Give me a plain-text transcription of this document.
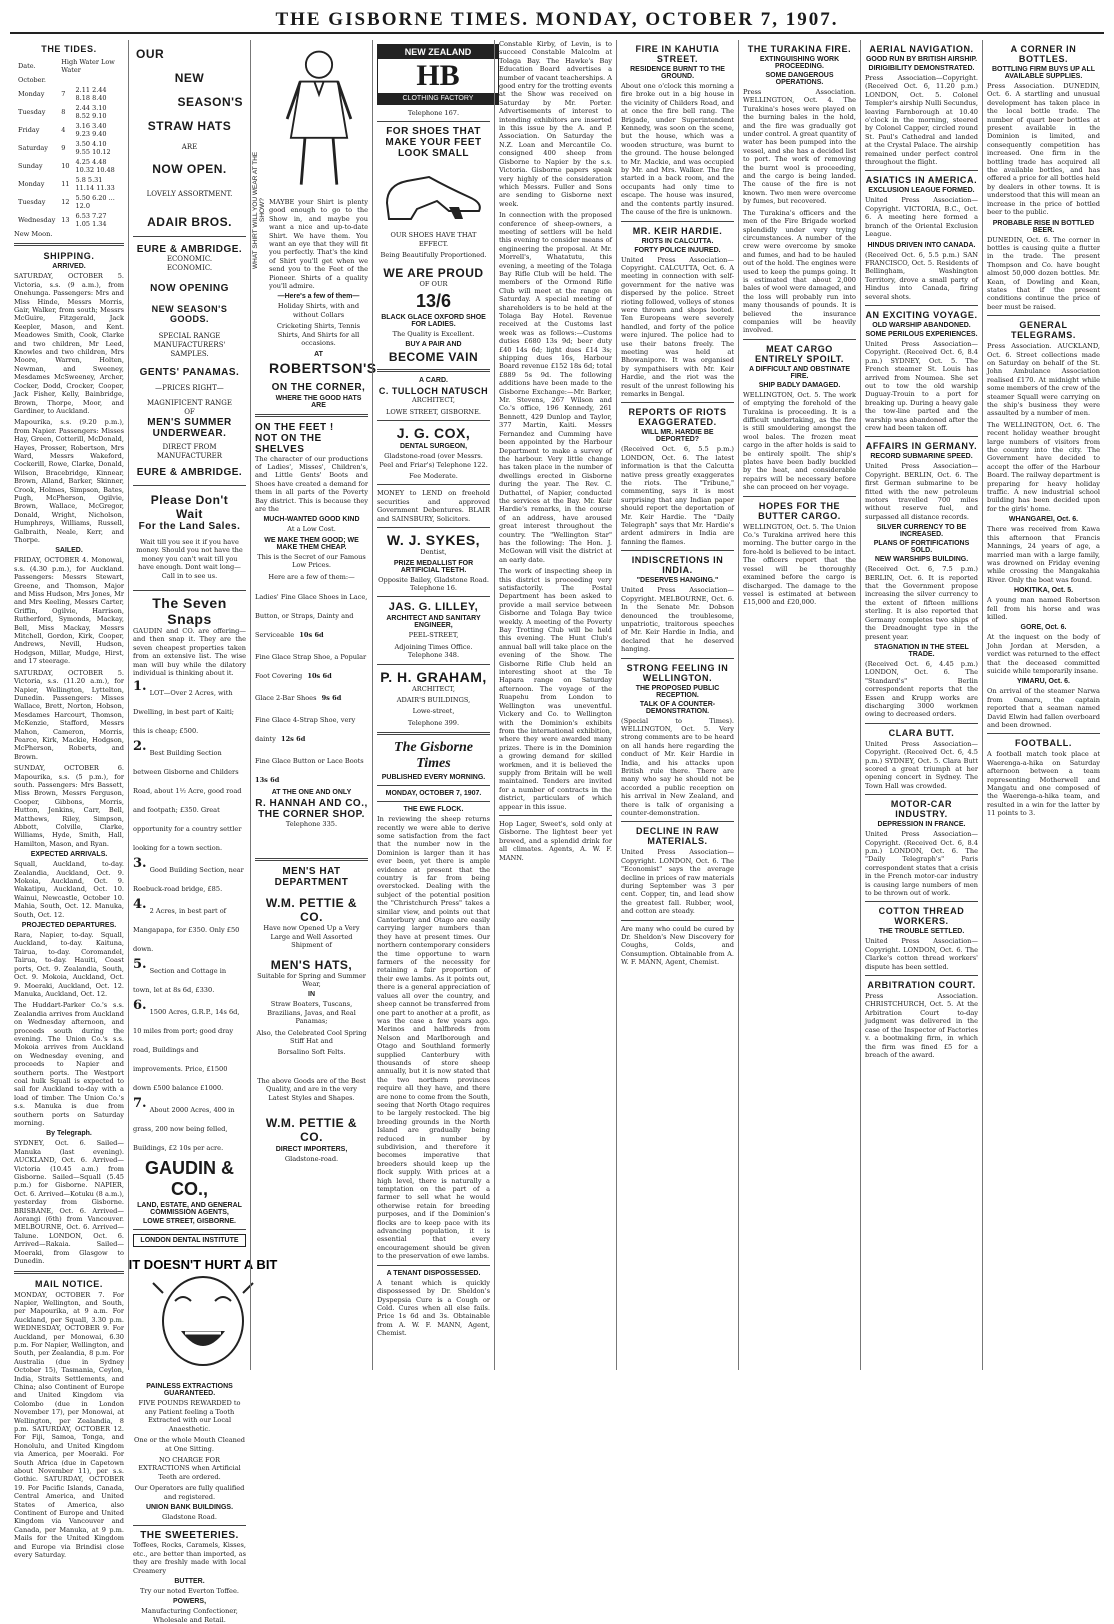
THE GISBORNE TIMES. MONDAY, OCTOBER 7, 1907.
THE TIDES.
Date.	High Water Low Water	
October.		
Monday	7	2.11 2.44 8.18 8.40
Tuesday	8	2.44 3.10 8.52 9.10
Friday	4	3.16 3.40 9.23 9.40
Saturday	9	3.50 4.10 9.55 10.12
Sunday	10	4.25 4.48 10.32 10.48
Monday	11	5.8 5.31 11.14 11.33
Tuesday	12	5.50 6.20 ... 12.0
Wednesday	13	6.53 7.27 1.05 1.34

New Moon.

SHIPPING.
ARRIVED.

SATURDAY, OCTOBER 5. Victoria, s.s. (9 a.m.), from Onehunga. Passengers: Mrs and Miss Hinde, Messrs Morris, Gair, Walker, from south; Messrs McGuire, Fitzgerald, Jack Keepler, Mason, and Kent. Meadowes Smith, Cook, Clarke and two children, Mr Leed, Knowles and two children, Mrs Moore, Warren, Holten, Newman, and Sweeney, Mesdames McSweeney, Archer, Cocker, Dodd, Crocker, Cooper, Jack Fisher, Kelly, Bainbridge, Brown, Thorpe, Moor, and Gardiner, to Auckland.

Mapourika, s.s. (9.20 p.m.), from Napier. Passengers: Misses Hay, Green, Cotterill, McDonald, Hayes, Prosser, Robertson, Mrs Ward, Messrs Wakeford, Cockerill, Rowe, Clarke, Donald, Wilson, Bracebridge, Kinnear, Brown, Alland, Barker, Skinner, Crook, Holmes, Simpson, Bates, Pugh, McPherson, Ogilvie, Brown, Wallace, McGregor, Donald, Wright, Nicholson, Humphreys, Williams, Russell, Galbraith, Neale, Kerr, and Thorpe.

SAILED.

FRIDAY, OCTOBER 4. Monowai, s.s. (4.30 p.m.), for Auckland. Passengers: Messrs Stewart, Greene, and Thomson, Major and Miss Hudson, Mrs Jones, Mr and Mrs Keeling, Messrs Carter, Griffin, Ogilvie, Harrison, Rutherford, Symonds, Mackay, Bell, Miss Mackay, Messrs Mitchell, Gordon, Kirk, Cooper, Andrews, Nevill, Hudson, Hodgson, Millar, Mudge, Hirst, and 17 steerage.

SATURDAY, OCTOBER 5. Victoria, s.s. (11.20 a.m.), for Napier, Wellington, Lyttelton, Dunedin. Passengers: Misses Wallace, Brett, Norton, Hobson, Mesdames Harcourt, Thomson, McKenzie, Stafford, Messrs Mahon, Cameron, Morris, Pearce, Kirk, Mackie, Hodgson, McPherson, Roberts, and Brown.

SUNDAY, OCTOBER 6. Mapourika, s.s. (5 p.m.), for south. Passengers: Mrs Bassett, Miss Brown, Messrs Ferguson, Cooper, Gibbons, Morris, Hutton, Jenkins, Carr, Bell, Matthews, Riley, Simpson, Abbott, Colville, Clarke, Williams, Hyde, Smith, Hall, Hamilton, Mason, and Ryan.

EXPECTED ARRIVALS.

Squall, Auckland, to-day. Zealandia, Auckland, Oct. 9. Mokoia, Auckland, Oct. 9. Wakatipu, Auckland, Oct. 10. Wainui, Newcastle, October 10. Mahia, South, Oct. 12. Manuka, South, Oct. 12.

PROJECTED DEPARTURES.

Rara, Napier, to-day. Squall, Auckland, to-day. Kaituna, Tairua, to-day. Coromandel, Tairua, to-day. Hauiti, Coast ports, Oct. 9. Zealandia, South, Oct. 9. Mokoia, Auckland, Oct. 9. Moeraki, Auckland, Oct. 12. Manuka, Auckland, Oct. 12.

The Huddart-Parker Co.'s s.s. Zealandia arrives from Auckland on Wednesday afternoon, and proceeds south during the evening. The Union Co.'s s.s. Mokoia arrives from Auckland on Wednesday evening, and proceeds to Napier and southern ports. The Westport coal hulk Squall is expected to sail for Auckland to-day with a load of timber. The Union Co.'s s.s. Manuka is due from southern ports on Saturday morning.

By Telegraph.

SYDNEY, Oct. 6. Sailed—Manuka (last evening). AUCKLAND, Oct. 6. Arrived—Victoria (10.45 a.m.) from Gisborne. Sailed—Squall (5.45 p.m.) for Gisborne. NAPIER, Oct. 6. Arrived—Kotuku (8 a.m.), yesterday from Gisborne. BRISBANE, Oct. 6. Arrived—Aorangi (6th) from Vancouver. MELBOURNE, Oct. 6. Arrived—Talune. LONDON, Oct. 6. Arrived—Rakaia. Sailed—Moeraki, from Glasgow to Dunedin.

MAIL NOTICE.

MONDAY, OCTOBER 7. For Napier, Wellington, and South, per Mapourika, at 9 a.m. For Auckland, per Squall, 3.30 p.m. WEDNESDAY, OCTOBER 9. For Auckland, per Monowai, 6.30 p.m. For Napier, Wellington, and South, per Zealandia, 8 p.m. For Australia (due in Sydney October 15), Tasmania, Ceylon, India, Straits Settlements, and China; also Continent of Europe and United Kingdom via Colombo (due in London November 17), per Monowai, at Wellington, per Zealandia, 8 p.m. SATURDAY, OCTOBER 12. For Fiji, Samoa, Tonga, and Honolulu, and United Kingdom via America, per Moeraki. For South Africa (due in Capetown about November 11), per s.s. Gothic. SATURDAY, OCTOBER 19. For Pacific Islands, Canada, Central America, and United States of America, also Continent of Europe and United Kingdom via Vancouver and Canada, per Manuka, at 9 p.m. Mails for the United Kingdom and Europe via Brindisi close every Saturday.

OUR
NEW
SEASON'S
STRAW HATS
ARE
NOW OPEN.
LOVELY ASSORTMENT.
ADAIR BROS.
EURE & AMBRIDGE.
ECONOMIC.
ECONOMIC.
NOW OPENING
NEW SEASON'S GOODS.
SPECIAL RANGE
MANUFACTURERS' SAMPLES.
GENTS' PANAMAS.
—PRICES RIGHT—
MAGNIFICENT RANGE
OF
MEN'S SUMMER
UNDERWEAR.
DIRECT FROM MANUFACTURER
EURE & AMBRIDGE.
Please Don't Wait
For the Land Sales.

Wait till you see it if you have money. Should you not have the money you can't wait till you have enough. Dont wait long—Call in to see us.

The Seven Snaps

GAUDIN and CO. are offering—and then snap it. They are the seven cheapest properties taken from an extensive list. The wise man will buy while the dilatory individual is thinking about it.

1. LOT—Over 2 Acres, with Dwelling, in best part of Kaiti; this is cheap; £500.
2. Best Building Section between Gisborne and Childers Road, about 1½ Acre, good road and footpath; £350. Great opportunity for a country settler looking for a town section.
3. Good Building Section, near Roebuck-road bridge, £85.
4. 2 Acres, in best part of Mangapapa, for £350. Only £50 down.
5. Section and Cottage in town, let at 8s 6d, £330.
6. 1500 Acres, G.R.P., 14s 6d, 10 miles from port; good dray road, Buildings and improvements. Price, £1500 down £500 balance £1000.
7. About 2000 Acres, 400 in grass, 200 now being felled, Buildings, £2 10s per acre.
GAUDIN & CO.,
LAND, ESTATE, AND GENERAL COMMISSION AGENTS,
LOWE STREET, GISBORNE.
LONDON DENTAL INSTITUTE
IT DOESN'T HURT A BIT
PAINLESS EXTRACTIONS GUARANTEED.

FIVE POUNDS REWARDED to any Patient feeling a Tooth Extracted with our Local Anaesthetic.

One or the whole Mouth Cleaned at One Sitting.

NO CHARGE FOR EXTRACTIONS when Artificial Teeth are ordered.

Our Operators are fully qualified and registered.

UNION BANK BUILDINGS.
Gladstone Road.
THE SWEETERIES.

Toffees, Rocks, Caramels, Kisses, etc., are better than imported, as they are freshly made with local Creamery

BUTTER.

Try our noted Everton Toffee.

POWERS,

Manufacturing Confectioner, Wholesale and Retail.

WHAT SHIRT WILL YOU WEAR AT THE SHOW? MAYBE your Shirt is plenty good enough to go to the Show in, and maybe you want a nice and up-to-date Shirt. We have them. You want an eye that they will fit you perfectly. That's the kind of Shirt you'll get when we send you to the Feet of the Pioneer. Shirts of a quality you'll admire.

—Here's a few of them—

Holiday Shirts, with and without Collars

Cricketing Shirts, Tennis Shirts, And Shirts for all occasions.

AT
ROBERTSON'S
ON THE CORNER,
WHERE THE GOOD HATS ARE
ON THE FEET !
NOT ON THE SHELVES

The character of our productions of Ladies', Misses', Children's, and Little Gents' Boots and Shoes have created a demand for them in all parts of the Poverty Bay district. This is because they are the

MUCH-WANTED GOOD KIND
At a Low Cost.
WE MAKE THEM GOOD; WE MAKE THEM CHEAP.
This is the Secret of our Famous Low Prices.
Here are a few of them:—
Ladies' Fine Glace Shoes in Lace, Button, or Straps, Dainty and Serviceable 10s 6d
Fine Glace Strap Shoe, a Popular Foot Covering 10s 6d
Glace 2-Bar Shoes 9s 6d
Fine Glace 4-Strap Shoe, very dainty 12s 6d
Fine Glace Button or Lace Boots 13s 6d
AT THE ONE AND ONLY
R. HANNAH AND CO.,
THE CORNER SHOP.
Telephone 335.
MEN'S HAT DEPARTMENT
W.M. PETTIE & CO.

Have now Opened Up a Very Large and Well Assorted Shipment of

MEN'S HATS,
Suitable for Spring and Summer Wear,
IN

Straw Boaters, Tuscans, Brazilians, Javas, and Real Panamas;

Also, the Celebrated Cool Spring Stiff Hat and

Borsalino Soft Felts.

The above Goods are of the Best Quality, and are in the very Latest Styles and Shapes.

W.M. PETTIE & CO.
DIRECT IMPORTERS,
Gladstone-road.
NEW ZEALAND
HB
CLOTHING FACTORY
Telephone 167.
FOR SHOES THAT MAKE YOUR FEET LOOK SMALL
OUR SHOES HAVE THAT EFFECT.
Being Beautifully Proportioned.
WE ARE PROUD
OF OUR
13/6
BLACK GLACE OXFORD SHOE FOR LADIES.
The Quality is Excellent.
BUY A PAIR AND
BECOME VAIN
A CARD.
C. TULLOCH NATUSCH
ARCHITECT,
LOWE STREET, GISBORNE.
J. G. COX,
DENTAL SURGEON,
Gladstone-road (over Messrs. Peel and Friar's) Telephone 122.
Fee Moderate.

MONEY to LEND on freehold securities and approved Government Debentures. BLAIR and SAINSBURY, Solicitors.

W. J. SYKES,
Dentist,
PRIZE MEDALLIST FOR ARTIFICIAL TEETH.
Opposite Bailey, Gladstone Road. Telephone 16.
JAS. G. LILLEY,
ARCHITECT AND SANITARY ENGINEER,
PEEL-STREET,
Adjoining Times Office. Telephone 348.
P. H. GRAHAM,
ARCHITECT,
ADAIR'S BUILDINGS,
Lowe-street,
Telephone 399.
The Gisborne Times
PUBLISHED EVERY MORNING.
MONDAY, OCTOBER 7, 1907.
THE EWE FLOCK.

In reviewing the sheep returns recently we were able to derive some satisfaction from the fact that the number now in the Dominion is larger than it has ever been, yet there is ample evidence at present that the country is far from being overstocked. Dealing with the subject of the potential position the "Christchurch Press" takes a similar view, and points out that Canterbury and Otago are easily carrying larger numbers than they have at present times. Our northern contemporary considers the time opportune to warn farmers of the necessity for retaining a fair proportion of their ewe lambs. As it points out, there is a general appreciation of values all over the country, and sheep cannot be transferred from one part to another at a profit, as was the case a few years ago. Merinos and halfbreds from Nelson and Marlborough and Otago and Southland formerly supplied Canterbury with thousands of store sheep annually, but it is now stated that the two northern provinces require all they have, and there are none to come from the South, seeing that North Otago requires to be largely restocked. The big breeding grounds in the North Island are gradually being reduced in number by subdivision, and therefore it becomes imperative that breeders should keep up the flock supply. With prices at a high level, there is naturally a temptation on the part of a farmer to sell what he would otherwise retain for breeding purposes, and if the Dominion's flocks are to keep pace with its advancing population, it is essential that every encouragement should be given to the preservation of ewe lambs.

A TENANT DISPOSSESSED.

A tenant which is quickly dispossessed by Dr. Sheldon's Dyspepsia Cure is a Cough or Cold. Cures when all else fails. Price 1s 6d and 3s. Obtainable from A. W. F. MANN, Agent, Chemist.

Constable Kirby, of Levin, is to succeed Constable Malcolm at Tolaga Bay. The Hawke's Bay Education Board advertises a number of vacant teacherships. A good entry for the trotting events at the Show was received on Saturday by Mr. Porter. Advertisements of interest to intending exhibitors are inserted in this issue by the A. and P. Association. On Saturday the N.Z. Loan and Mercantile Co. consigned 400 sheep from Gisborne to Napier by the s.s. Victoria. Gisborne papers speak very highly of the consideration which Messrs. Fuller and Sons are sending to Gisborne next week.

In connection with the proposed conference of sheep-owners, a meeting of settlers will be held this evening to consider means of engineering the proposal. At Mr. Morrell's, Whatatutu, this evening, a meeting of the Tolaga Bay Rifle Club will be held. The members of the Ormond Rifle Club will meet at the range on Saturday. A special meeting of shareholders is to be held at the Tolaga Bay Hotel. Revenue received at the Customs last week was as follows:—Customs duties £680 13s 9d; beer duty £40 14s 6d; light dues £14 3s; shipping dues 16s, Harbour Board revenue £152 18s 6d; total £889 5s 9d. The following additions have been made to the Gisborne Exchange:—Mr. Barker, Mr. Stevens, 267 Wilson and Co.'s office, 196 Kennedy, 261 Bennett, 429 Dunlop and Taylor, 377 Martin, Kaiti. Messrs Fernandez and Cumming have been appointed by the Harbour Department to make a survey of the harbour. Very little change has taken place in the number of dwellings erected in Gisborne during the year. The Rev. C. Duthattel, of Napier, conducted the services at the Bay. Mr. Keir Hardie's remarks, in the course of an address, have aroused great interest throughout the country. The "Wellington Star" has the following: The Hon. J. McGowan will visit the district at an early date.

The work of inspecting sheep in this district is proceeding very satisfactorily. The Postal Department has been asked to provide a mail service between Gisborne and Tolaga Bay twice weekly. A meeting of the Poverty Bay Trotting Club will be held this evening. The Hunt Club's annual ball will take place on the evening of the Show. The Gisborne Rifle Club held an interesting shoot at the Te Hapara range on Saturday afternoon. The voyage of the Ruapehu from London to Wellington was uneventful. Vickery and Co. to Wellington with the Dominion's exhibits from the international exhibition, where they were awarded many prizes. There is in the Dominion a growing demand for skilled workmen, and it is believed the supply from Britain will be well maintained. Tenders are invited for a number of contracts in the district, particulars of which appear in this issue.

Hop Lager, Sweet's, sold only at Gisborne. The lightest beer yet brewed, and a splendid drink for all climates. Agents, A. W. F. MANN.

FIRE IN KAHUTIA STREET.
RESIDENCE BURNT TO THE GROUND.

About one o'clock this morning a fire broke out in a big house in the vicinity of Childers Road, and at once the fire bell rang. The Brigade, under Superintendent Kennedy, was soon on the scene, but the house, which was a wooden structure, was burnt to the ground. The house belonged to Mr. Mackie, and was occupied by Mr. and Mrs. Walker. The fire started in a back room, and the occupants had only time to escape. The house was insured, and the contents partly insured. The cause of the fire is unknown.

MR. KEIR HARDIE.
RIOTS IN CALCUTTA.
FORTY POLICE INJURED.

United Press Association—Copyright. CALCUTTA, Oct. 6. A meeting in connection with self-government for the native was dispersed by the police. Street rioting followed, volleys of stones were thrown and shops looted. Ten Europeans were severely handled, and forty of the police were injured. The police had to use their batons freely. The meeting was held at Bhowanipore. It was organised by sympathisers with Mr. Keir Hardie, and the riot was the result of the unrest following his remarks in Bengal.

REPORTS OF RIOTS EXAGGERATED.
WILL MR. HARDIE BE DEPORTED?

(Received Oct. 6, 5.5 p.m.) LONDON, Oct. 6. The latest information is that the Calcutta native press greatly exaggerates the riots. The "Tribune," commenting, says it is most surprising that any Indian paper should report the deportation of Mr. Keir Hardie. The "Daily Telegraph" says that Mr. Hardie's ardent admirers in India are fanning the flames.

INDISCRETIONS IN INDIA.
"DESERVES HANGING."

United Press Association—Copyright. MELBOURNE, Oct. 6. In the Senate Mr. Dobson denounced the troublesome, unpatriotic, traitorous speeches of Mr. Keir Hardie in India, and declared that he deserved hanging.

STRONG FEELING IN WELLINGTON.
THE PROPOSED PUBLIC RECEPTION.
TALK OF A COUNTER-DEMONSTRATION.

(Special to Times). WELLINGTON, Oct. 5. Very strong comments are to be heard on all hands here regarding the conduct of Mr. Keir Hardie in India, and his attacks upon British rule there. There are many who say he should not be accorded a public reception on his arrival in New Zealand, and there is talk of organising a counter-demonstration.

DECLINE IN RAW MATERIALS.

United Press Association—Copyright. LONDON, Oct. 6. The "Economist" says the average decline in prices of raw materials during September was 3 per cent. Copper, tin, and lead show the greatest fall. Rubber, wool, and cotton are steady.

Are many who could be cured by Dr. Sheldon's New Discovery for Coughs, Colds, and Consumption. Obtainable from A. W. F. MANN, Agent, Chemist.

THE TURAKINA FIRE.
EXTINGUISHING WORK PROCEEDING.
SOME DANGEROUS OPERATIONS.

Press Association. WELLINGTON, Oct. 4. The Turakina's hoses were played on the burning bales in the hold, and the fire was gradually got under control. A great quantity of water has been pumped into the vessel, and she has a decided list to port. The work of removing the burnt wool is proceeding, and the cargo is being landed. The cause of the fire is not known. Two men were overcome by fumes, but recovered.

The Turakina's officers and the men of the Fire Brigade worked splendidly under very trying circumstances. A number of the crew were overcome by smoke and fumes, and had to be hauled out of the hold. The engines were used to keep the pumps going. It is estimated that about 2,000 bales of wool were damaged, and the loss will probably run into many thousands of pounds. It is believed the insurance companies will be heavily involved.

MEAT CARGO ENTIRELY SPOILT.
A DIFFICULT AND OBSTINATE FIRE.
SHIP BADLY DAMAGED.

WELLINGTON, Oct. 5. The work of emptying the forehold of the Turakina is proceeding. It is a difficult undertaking, as the fire is still smouldering amongst the wool bales. The frozen meat cargo in the after holds is said to be entirely spoilt. The ship's plates have been badly buckled by the heat, and considerable repairs will be necessary before she can proceed on her voyage.

HOPES FOR THE BUTTER CARGO.

WELLINGTON, Oct. 5. The Union Co.'s Turakina arrived here this morning. The butter cargo in the fore-hold is believed to be intact. The officers report that the vessel will be thoroughly examined before the cargo is discharged. The damage to the vessel is estimated at between £15,000 and £20,000.

AERIAL NAVIGATION.
GOOD RUN BY BRITISH AIRSHIP.
DIRIGIBILITY DEMONSTRATED.

Press Association—Copyright. (Received Oct. 6, 11.20 p.m.) LONDON, Oct. 5. Colonel Templer's airship Nulli Secundus, leaving Farnborough at 10.40 o'clock in the morning, steered by Colonel Capper, circled round St. Paul's Cathedral and landed at the Crystal Palace. The airship remained under perfect control throughout the flight.

ASIATICS IN AMERICA.
EXCLUSION LEAGUE FORMED.

United Press Association—Copyright. VICTORIA, B.C., Oct. 6. A meeting here formed a branch of the Oriental Exclusion League.

HINDUS DRIVEN INTO CANADA.

(Received Oct. 6, 5.5 p.m.) SAN FRANCISCO, Oct. 5. Residents of Bellingham, Washington Territory, drove a small party of Hindus into Canada, firing several shots.

AN EXCITING VOYAGE.
OLD WARSHIP ABANDONED.
SOME PERILOUS EXPERIENCES.

United Press Association—Copyright. (Received Oct. 6, 8.4 p.m.) SYDNEY, Oct. 5. The French steamer St. Louis has arrived from Noumea. She set out to tow the old warship Duguay-Trouin to a port for breaking up. During a heavy gale the tow-line parted and the warship was abandoned after the crew had been taken off.

AFFAIRS IN GERMANY.
RECORD SUBMARINE SPEED.

United Press Association—Copyright. BERLIN, Oct. 6. The first German submarine to be fitted with the new petroleum motors travelled 700 miles without reserve fuel, and surpassed all distance records.

SILVER CURRENCY TO BE INCREASED.
PLANS OF FORTIFICATIONS SOLD.
NEW WARSHIPS BUILDING.

(Received Oct. 6, 7.5 p.m.) BERLIN, Oct. 6. It is reported that the Government propose increasing the silver currency to the extent of fifteen millions sterling. It is also reported that Germany completes two ships of the Dreadnought type in the present year.

STAGNATION IN THE STEEL TRADE.

(Received Oct. 6, 4.45 p.m.) LONDON, Oct. 6. The "Standard's" Berlin correspondent reports that the Essen and Krupp works are discharging 3000 workmen owing to decreased orders.

CLARA BUTT.

United Press Association—Copyright. (Received Oct. 6, 4.5 p.m.) SYDNEY, Oct. 5. Clara Butt scored a great triumph at her opening concert in Sydney. The Town Hall was crowded.

MOTOR-CAR INDUSTRY.
DEPRESSION IN FRANCE.

United Press Association—Copyright. (Received Oct. 6, 8.4 p.m.) LONDON, Oct. 6. The "Daily Telegraph's" Paris correspondent states that a crisis in the French motor-car industry is causing large numbers of men to be thrown out of work.

COTTON THREAD WORKERS.
THE TROUBLE SETTLED.

United Press Association—Copyright. LONDON, Oct. 6. The Clarke's cotton thread workers' dispute has been settled.

ARBITRATION COURT.

Press Association. CHRISTCHURCH, Oct. 5. At the Arbitration Court to-day judgment was delivered in the case of the Inspector of Factories v. a bootmaking firm, in which the firm was fined £5 for a breach of the award.

A CORNER IN BOTTLES.
BOTTLING FIRM BUYS UP ALL AVAILABLE SUPPLIES.

Press Association. DUNEDIN, Oct. 6. A startling and unusual development has taken place in the local bottle trade. The number of quart beer bottles at present available in the Dominion is limited, and consequently competition has increased. One firm in the bottling trade has acquired all the available bottles, and has offered a price for all bottles held by dealers in other towns. It is understood that this will mean an increase in the price of bottled beer to the public.

PROBABLE RISE IN BOTTLED BEER.

DUNEDIN, Oct. 6. The corner in bottles is causing quite a flutter in the trade. The present Thompson and Co. have bought almost 50,000 dozen bottles. Mr. Kean, of Dowling and Kean, states that if the present conditions continue the price of beer must be raised.

GENERAL TELEGRAMS.

Press Association. AUCKLAND, Oct. 6. Street collections made on Saturday on behalf of the St. John Ambulance Association realised £170. At midnight while some members of the crew of the steamer Squall were carrying on the ship's business they were assaulted by a number of men.

The WELLINGTON, Oct. 6. The recent holiday weather brought large numbers of visitors from the country into the city. The Government have decided to accept the offer of the Harbour Board. The railway department is preparing for heavy holiday traffic. A new industrial school building has been decided upon for the girls' home.

WHANGAREI, Oct. 6.

There was received from Kawa this afternoon that Francis Mannings, 24 years of age, a married man with a large family, was drowned on Friday evening while crossing the Mangakahia River. Only the boat was found.

HOKITIKA, Oct. 5.

A young man named Robertson fell from his horse and was killed.

GORE, Oct. 6.

At the inquest on the body of John Jordan at Mersden, a verdict was returned to the effect that the deceased committed suicide while temporarily insane.

YIMARU, Oct. 6.

On arrival of the steamer Narwa from Oamaru, the captain reported that a seaman named David Elwin had fallen overboard and been drowned.

FOOTBALL.

A football match took place at Waerenga-a-hika on Saturday afternoon between a team representing Motherwell and Mangatu and one composed of the Waerenga-a-hika team, and resulted in a win for the latter by 11 points to 3.
